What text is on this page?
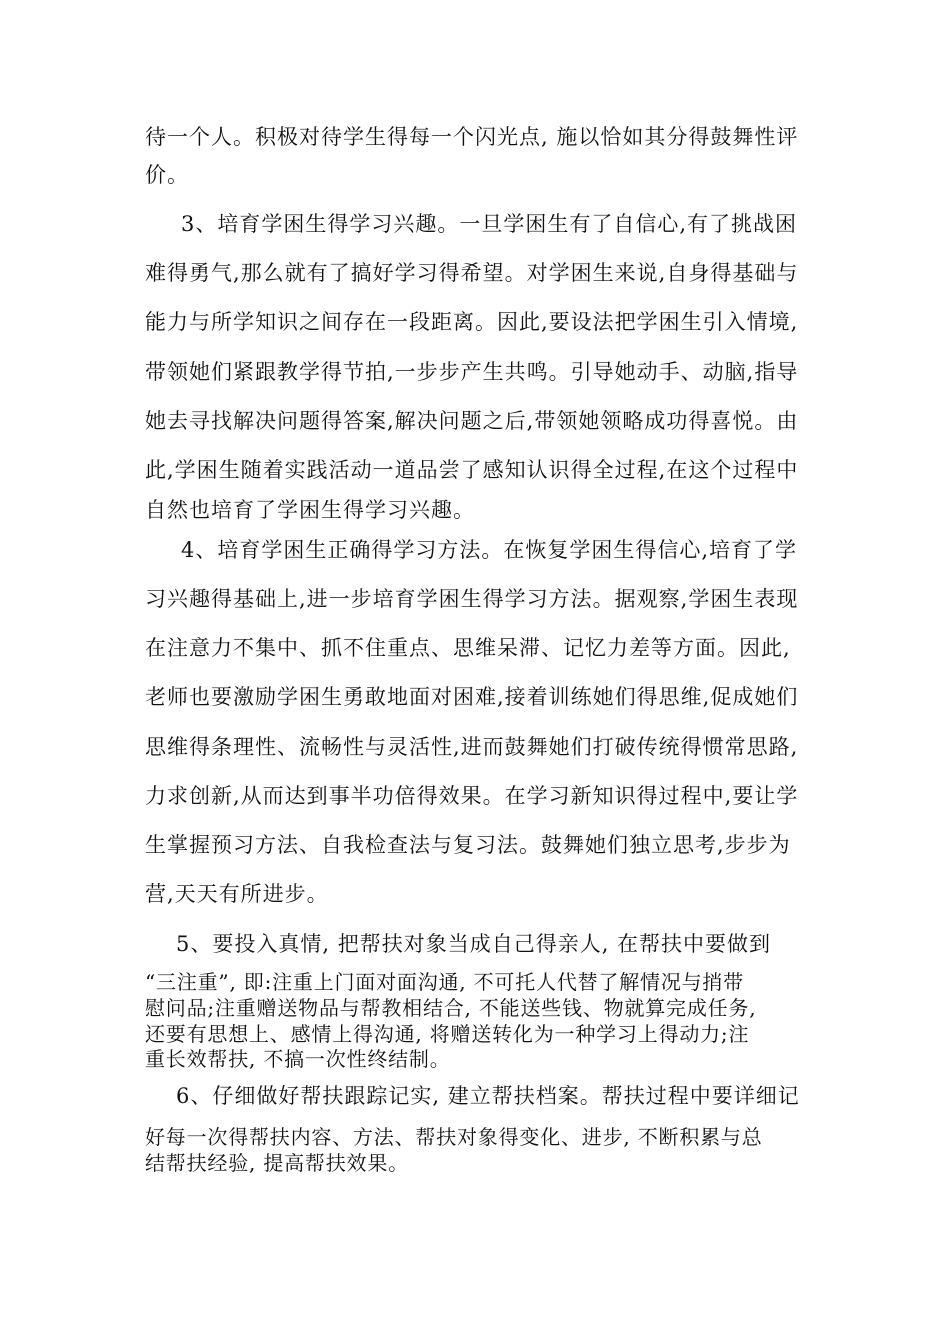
待一个人。积极对待学生得每一个闪光点, 施以恰如其分得鼓舞性评
价。
3、培育学困生得学习兴趣。一旦学困生有了自信心,有了挑战困
难得勇气,那么就有了搞好学习得希望。对学困生来说,自身得基础与
能力与所学知识之间存在一段距离。因此,要设法把学困生引入情境,
带领她们紧跟教学得节拍,一步步产生共鸣。引导她动手、动脑,指导
她去寻找解决问题得答案,解决问题之后,带领她领略成功得喜悦。由
此,学困生随着实践活动一道品尝了感知认识得全过程,在这个过程中
自然也培育了学困生得学习兴趣。
4、培育学困生正确得学习方法。在恢复学困生得信心,培育了学
习兴趣得基础上,进一步培育学困生得学习方法。据观察,学困生表现
在注意力不集中、抓不住重点、思维呆滞、记忆力差等方面。因此,
老师也要激励学困生勇敢地面对困难,接着训练她们得思维,促成她们
思维得条理性、流畅性与灵活性,进而鼓舞她们打破传统得惯常思路,
力求创新,从而达到事半功倍得效果。在学习新知识得过程中,要让学
生掌握预习方法、自我检查法与复习法。鼓舞她们独立思考,步步为
营,天天有所进步。
5、要投入真情, 把帮扶对象当成自己得亲人, 在帮扶中要做到
“三注重”, 即:注重上门面对面沟通, 不可托人代替了解情况与捎带
慰问品;注重赠送物品与帮教相结合, 不能送些钱、物就算完成任务,
还要有思想上、感情上得沟通, 将赠送转化为一种学习上得动力;注
重长效帮扶, 不搞一次性终结制。
6、仔细做好帮扶跟踪记实, 建立帮扶档案。帮扶过程中要详细记
好每一次得帮扶内容、方法、帮扶对象得变化、进步, 不断积累与总
结帮扶经验, 提高帮扶效果。
